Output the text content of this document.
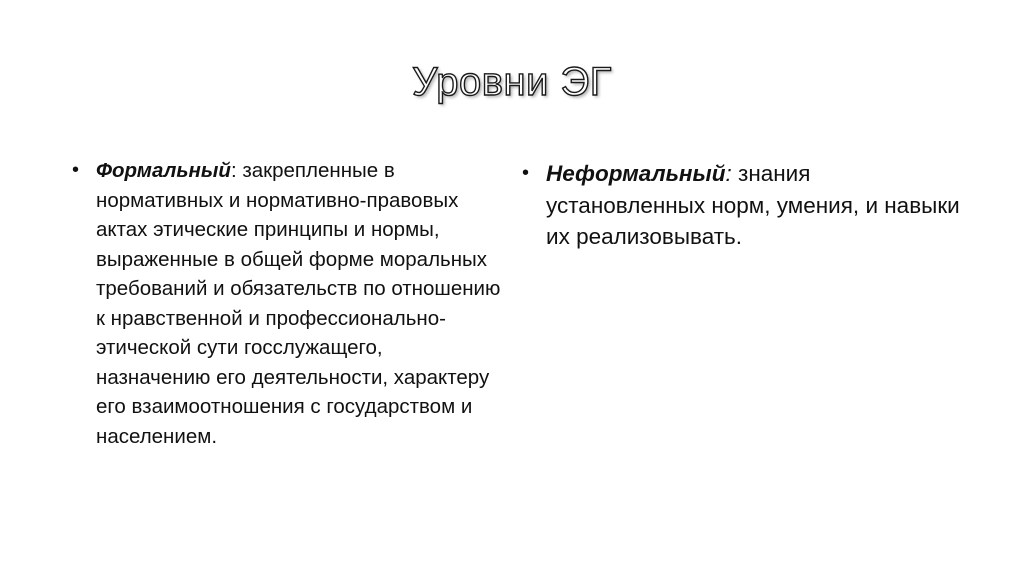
Уровни ЭГ
• Формальный: закрепленные в нормативных и нормативно-правовых актах этические принципы и нормы, выраженные в общей форме моральных требований и обязательств по отношению к нравственной и профессионально-этической сути госслужащего, назначению его деятельности, характеру его взаимоотношения с государством и населением.
• Неформальный: знания установленных норм, умения, и навыки их реализовывать.
